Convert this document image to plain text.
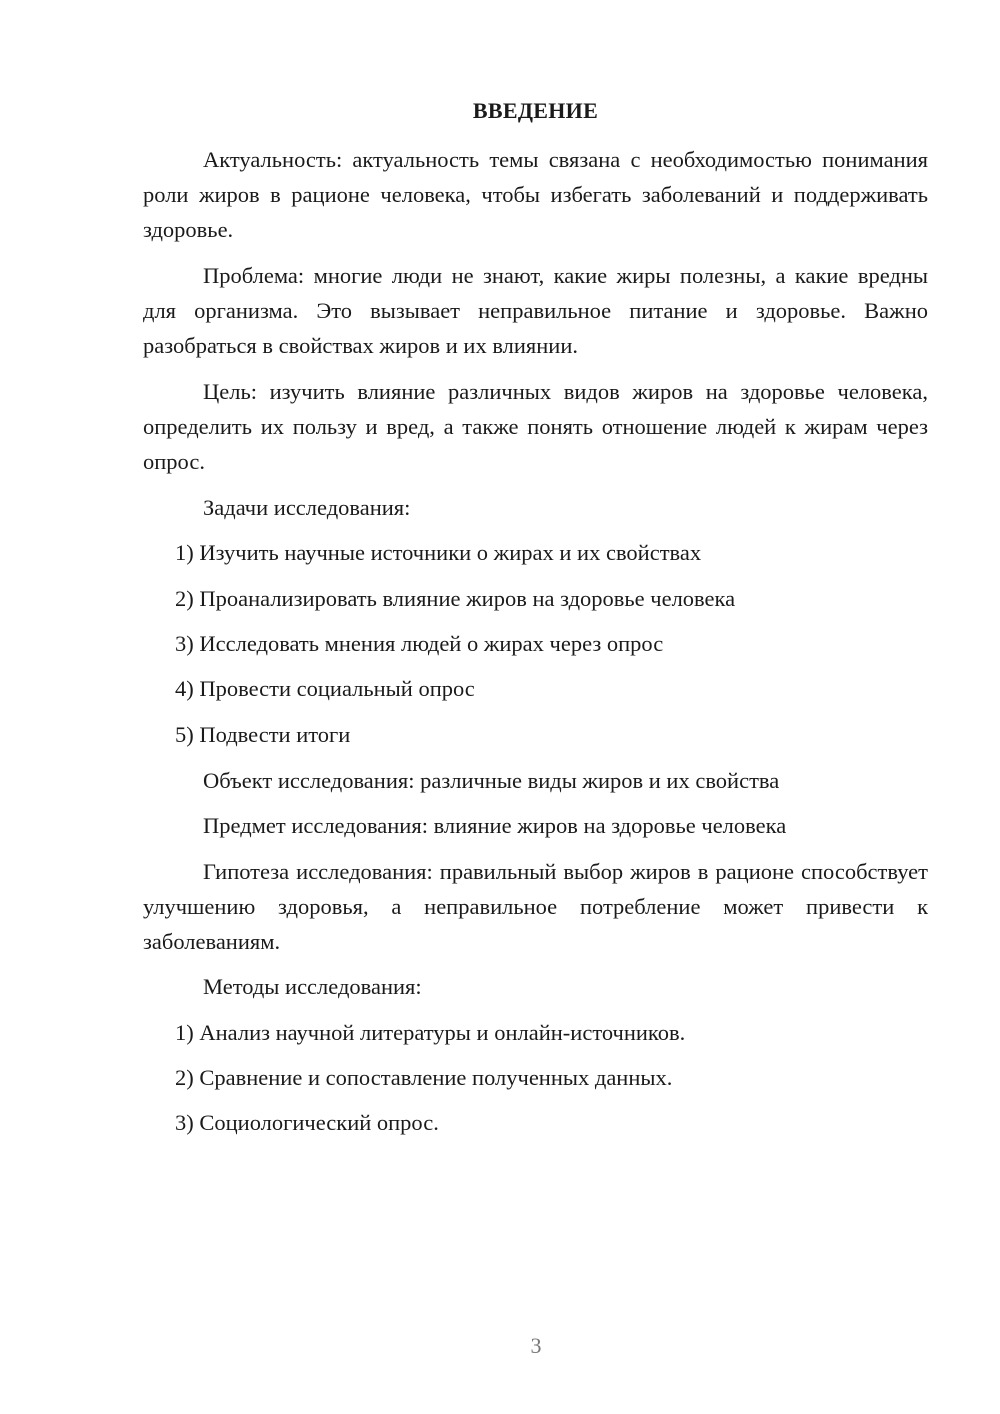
ВВЕДЕНИЕ

Актуальность: актуальность темы связана с необходимостью понимания роли жиров в рационе человека, чтобы избегать заболеваний и поддерживать здоровье.

Проблема: многие люди не знают, какие жиры полезны, а какие вредны для организма. Это вызывает неправильное питание и здоровье. Важно разобраться в свойствах жиров и их влиянии.

Цель: изучить влияние различных видов жиров на здоровье человека, определить их пользу и вред, а также понять отношение людей к жирам через опрос.

Задачи исследования:

1) Изучить научные источники о жирах и их свойствах

2) Проанализировать влияние жиров на здоровье человека

3) Исследовать мнения людей о жирах через опрос

4) Провести социальный опрос

5) Подвести итоги

Объект исследования: различные виды жиров и их свойства

Предмет исследования: влияние жиров на здоровье человека

Гипотеза исследования: правильный выбор жиров в рационе способствует улучшению здоровья, а неправильное потребление может привести к заболеваниям.

Методы исследования:

1) Анализ научной литературы и онлайн-источников.

2) Сравнение и сопоставление полученных данных.

3) Социологический опрос.

3
